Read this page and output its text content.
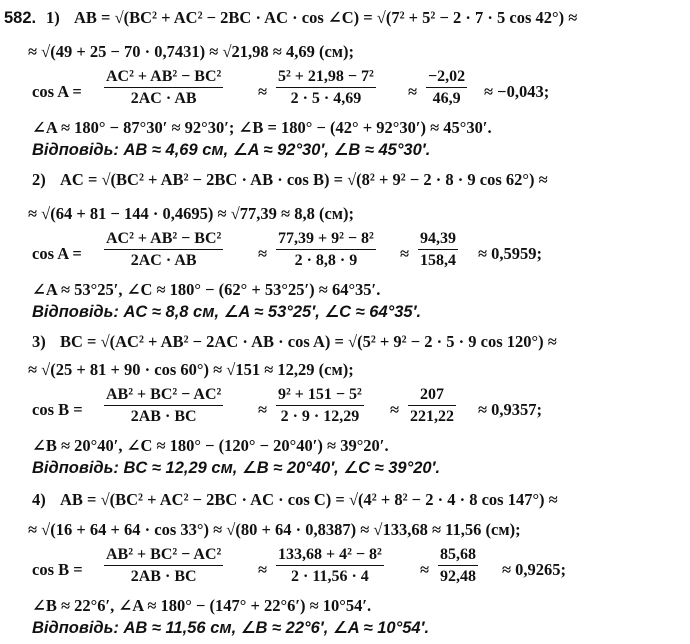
582. 1) AB = √(BC² + AC² − 2BC · AC · cos ∠C) = √(7² + 5² − 2 · 7 · 5 cos 42°) ≈
≈ √(49 + 25 − 70 · 0,7431) ≈ √21,98 ≈ 4,69 (см);
cos A =
AC² + AB² − BC²
2AC · AB	≈
5² + 21,98 − 7²
2 · 5 · 4,69	≈
−2,02
46,9	≈ −0,043;
∠A ≈ 180° − 87°30′ ≈ 92°30′; ∠B = 180° − (42° + 92°30′) ≈ 45°30′.
Відповідь: AB ≈ 4,69 см, ∠A ≈ 92°30′, ∠B ≈ 45°30′.
2) AC = √(BC² + AB² − 2BC · AB · cos B) = √(8² + 9² − 2 · 8 · 9 cos 62°) ≈
≈ √(64 + 81 − 144 · 0,4695) ≈ √77,39 ≈ 8,8 (см);
cos A =
AC² + AB² − BC²
2AC · AB	≈
77,39 + 9² − 8²
2 · 8,8 · 9	≈
94,39
158,4 ≈ 0,5959;
∠A ≈ 53°25′, ∠C ≈ 180° − (62° + 53°25′) ≈ 64°35′.
Відповідь: AC ≈ 8,8 см, ∠A ≈ 53°25′, ∠C ≈ 64°35′.
3) BC = √(AC² + AB² − 2AC · AB · cos A) = √(5² + 9² − 2 · 5 · 9 cos 120°) ≈
≈ √(25 + 81 + 90 · cos 60°) ≈ √151 ≈ 12,29 (см);
cos B =
AB² + BC² − AC²
2AB · BC	≈
9² + 151 − 5²
2 · 9 · 12,29 ≈
207
221,22 ≈ 0,9357;
∠B ≈ 20°40′, ∠C ≈ 180° − (120° − 20°40′) ≈ 39°20′.
Відповідь: BC ≈ 12,29 см, ∠B ≈ 20°40′, ∠C ≈ 39°20′.
4) AB = √(BC² + AC² − 2BC · AC · cos C) = √(4² + 8² − 2 · 4 · 8 cos 147°) ≈
≈ √(16 + 64 + 64 · cos 33°) ≈ √(80 + 64 · 0,8387) ≈ √133,68 ≈ 11,56 (см);
cos B =
AB² + BC² − AC²
2AB · BC	≈
133,68 + 4² − 8²
2 · 11,56 · 4	≈
85,68
92,48 ≈ 0,9265;
∠B ≈ 22°6′, ∠A ≈ 180° − (147° + 22°6′) ≈ 10°54′.
Відповідь: AB ≈ 11,56 см, ∠B ≈ 22°6′, ∠A ≈ 10°54′.
